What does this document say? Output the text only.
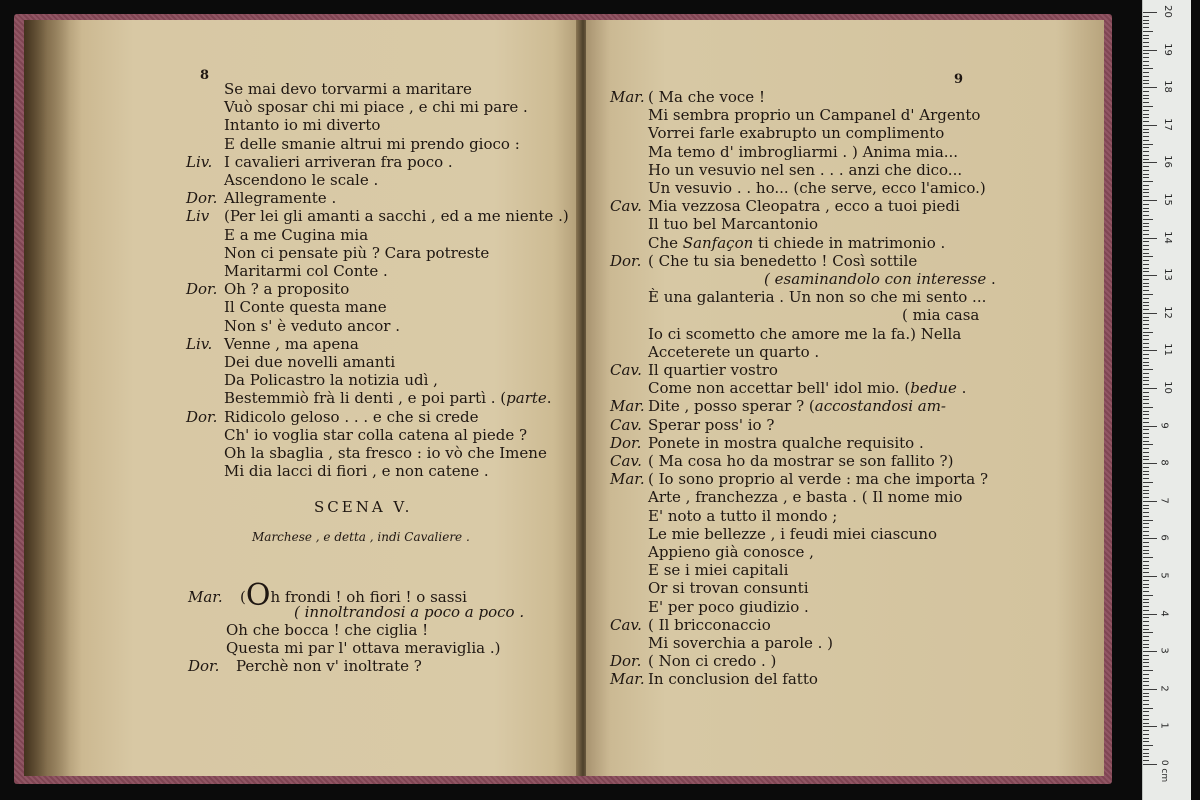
8
Se mai devo torvarmi a maritare
Vuò sposar chi mi piace , e chi mi pare .
Intanto io mi diverto
E delle smanie altrui mi prendo gioco :
Liv. I cavalieri arriveran fra poco .
Ascendono le scale .
Dor. Allegramente .
Liv (Per lei gli amanti a sacchi , ed a me niente .)
E a me Cugina mia
Non ci pensate più ? Cara potreste
Maritarmi col Conte .
Dor. Oh ? a proposito
Il Conte questa mane
Non s' è veduto ancor .
Liv. Venne , ma apena
Dei due novelli amanti
Da Policastro la notizia udì ,
Bestemmiò frà li denti , e poi partì . (parte.
Dor. Ridicolo geloso . . . e che si crede
Ch' io voglia star colla catena al piede ?
Oh la sbaglia , sta fresco : io vò che Imene
Mi dia lacci di fiori , e non catene .
SCENA V.
Marchese , e detta , indi Cavaliere .
Mar. (Oh frondi ! oh fiori ! o sassi
( innoltrandosi a poco a poco .
Oh che bocca ! che ciglia !
Questa mi par l' ottava meraviglia .)
Dor. Perchè non v' inoltrate ?
9
Mar. ( Ma che voce !
Mi sembra proprio un Campanel d' Argento
Vorrei farle exabrupto un complimento
Ma temo d' imbrogliarmi . ) Anima mia...
Ho un vesuvio nel sen . . . anzi che dico...
Un vesuvio . . ho... (che serve, ecco l'amico.)
Cav. Mia vezzosa Cleopatra , ecco a tuoi piedi
Il tuo bel Marcantonio
Che Sanfaçon ti chiede in matrimonio .
Dor. ( Che tu sia benedetto ! Così sottile
( esaminandolo con interesse .
È una galanteria . Un non so che mi sento ...
( mia casa
Io ci scometto che amore me la fa.) Nella
Acceterete un quarto .
Cav. Il quartier vostro
Come non accettar bell' idol mio. (bedue .
Mar. Dite , posso sperar ? (accostandosi am-
Cav. Sperar poss' io ?
Dor. Ponete in mostra qualche requisito .
Cav. ( Ma cosa ho da mostrar se son fallito ?)
Mar. ( Io sono proprio al verde : ma che importa ?
Arte , franchezza , e basta . ( Il nome mio
E' noto a tutto il mondo ;
Le mie bellezze , i feudi miei ciascuno
Appieno già conosce ,
E se i miei capitali
Or si trovan consunti
E' per poco giudizio .
Cav. ( Il bricconaccio
Mi soverchia a parole . )
Dor. ( Non ci credo . )
Mar. In conclusion del fatto
20
19
18
17
16
15
14
13
12
11
10
9
8
7
6
5
4
3
2
1
0 cm
